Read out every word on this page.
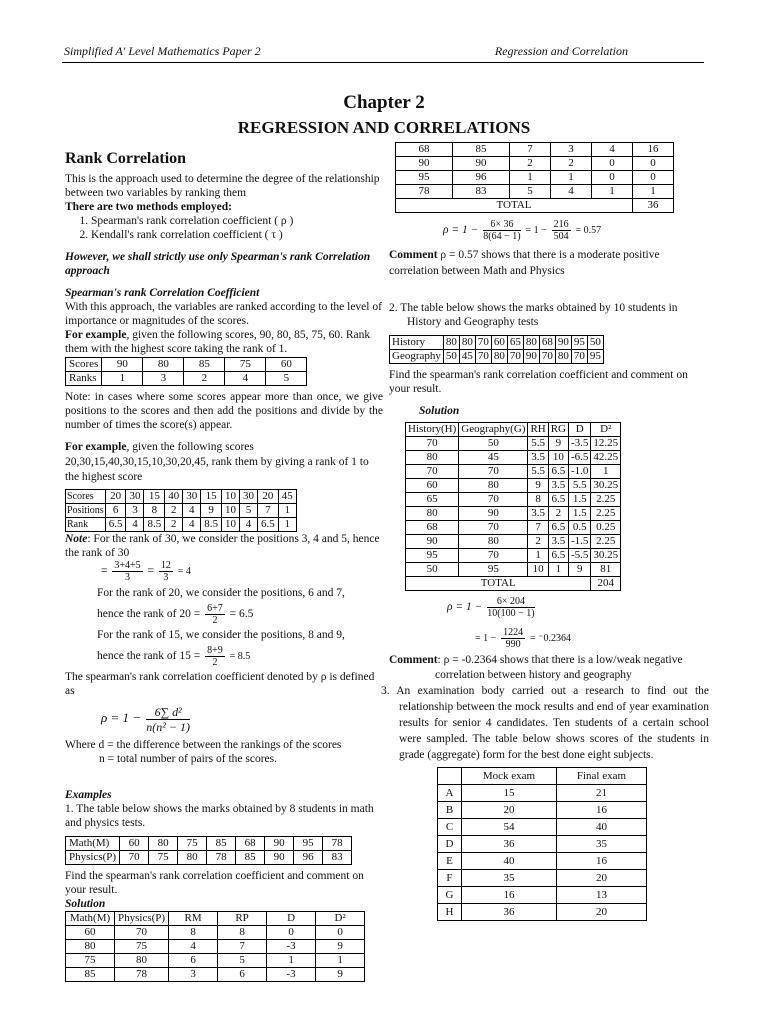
Simplified A' Level Mathematics Paper 2	Regression and Correlation
Chapter 2
REGRESSION AND CORRELATIONS
Rank Correlation

This is the approach used to determine the degree of the relationship between two variables by ranking them

There are two methods employed:

1. Spearman's rank correlation coefficient ( ρ )
2. Kendall's rank correlation coefficient ( τ )

However, we shall strictly use only Spearman's rank Correlation approach

Spearman's rank Correlation Coefficient

With this approach, the variables are ranked according to the level of importance or magnitudes of the scores.

For example, given the following scores, 90, 80, 85, 75, 60. Rank them with the highest score taking the rank of 1.

Scores	90	80	85	75	60
Ranks	1	3	2	4	5

Note: in cases where some scores appear more than once, we give positions to the scores and then add the positions and divide by the number of times the score(s) appear.

For example, given the following scores 20,30,15,40,30,15,10,30,20,45, rank them by giving a rank of 1 to the highest score

Scores	20	30	15	40	30	15	10	30	20	45
Positions	6	3	8	2	4	9	10	5	7	1
Rank	6.5	4	8.5	2	4	8.5	10	4	6.5	1

Note: For the rank of 30, we consider the positions 3, 4 and 5, hence the rank of 30

= $\frac{3+4+5}{3} = \frac{12}{3} = 4$

For the rank of 20, we consider the positions, 6 and 7,

hence the rank of $20 = \frac{6+7}{2} = 6.5$

For the rank of 15, we consider the positions, 8 and 9,

hence the rank of $15 = \frac{8+9}{2} = 8.5$

The spearman's rank correlation coefficient denoted by ρ is defined as

$\rho = 1 - \frac{\text{6∑ d²}}{\text{n(n² − 1)}}$

Where d = the difference between the rankings of the scores

n = total number of pairs of the scores.

Examples

1. The table below shows the marks obtained by 8 students in math and physics tests.

Math(M)	60	80	75	85	68	90	95	78
Physics(P)	70	75	80	78	85	90	96	83

Find the spearman's rank correlation coefficient and comment on your result.

Solution

Math(M)	Physics(P)	RM	RP	D	D²
60	70	8	8	0	0
80	75	4	7	-3	9
75	80	6	5	1	1
85	78	3	6	-3	9
68	85	7	3	4	16
90	90	2	2	0	0
95	96	1	1	0	0
78	83	5	4	1	1
TOTAL					36
$\rho = 1 - \frac{6\times 36}{8(64 - 1)} = 1 - \frac{216}{504} = 0.57$

Comment ρ = 0.57 shows that there is a moderate positive correlation between Math and Physics

2. The table below shows the marks obtained by 10 students in History and Geography tests

History	80	80	70	60	65	80	68	90	95	50
Geography	50	45	70	80	70	90	70	80	70	95

Find the spearman's rank correlation coefficient and comment on your result.

Solution

History(H)	Geography(G)	RH	RG	D	D²
70	50	5.5	9	-3.5	12.25
80	45	3.5	10	-6.5	42.25
70	70	5.5	6.5	-1.0	1
60	80	9	3.5	5.5	30.25
65	70	8	6.5	1.5	2.25
80	90	3.5	2	1.5	2.25
68	70	7	6.5	0.5	0.25
90	80	2	3.5	-1.5	2.25
95	70	1	6.5	-5.5	30.25
50	95	10	1	9	81
TOTAL					204
$\rho = 1 - \frac{6\times 204}{10(100 - 1)}$
= $1 - \frac{1224}{990} = ^-0.2364$

Comment: ρ = -0.2364 shows that there is a low/weak negative correlation between history and geography

3. An examination body carried out a research to find out the relationship between the mock results and end of year examination results for senior 4 candidates. Ten students of a certain school were sampled. The table below shows scores of the students in grade (aggregate) form for the best done eight subjects.

	Mock exam	Final exam
A	15	21
B	20	16
C	54	40
D	36	35
E	40	16
F	35	20
G	16	13
H	36	20
